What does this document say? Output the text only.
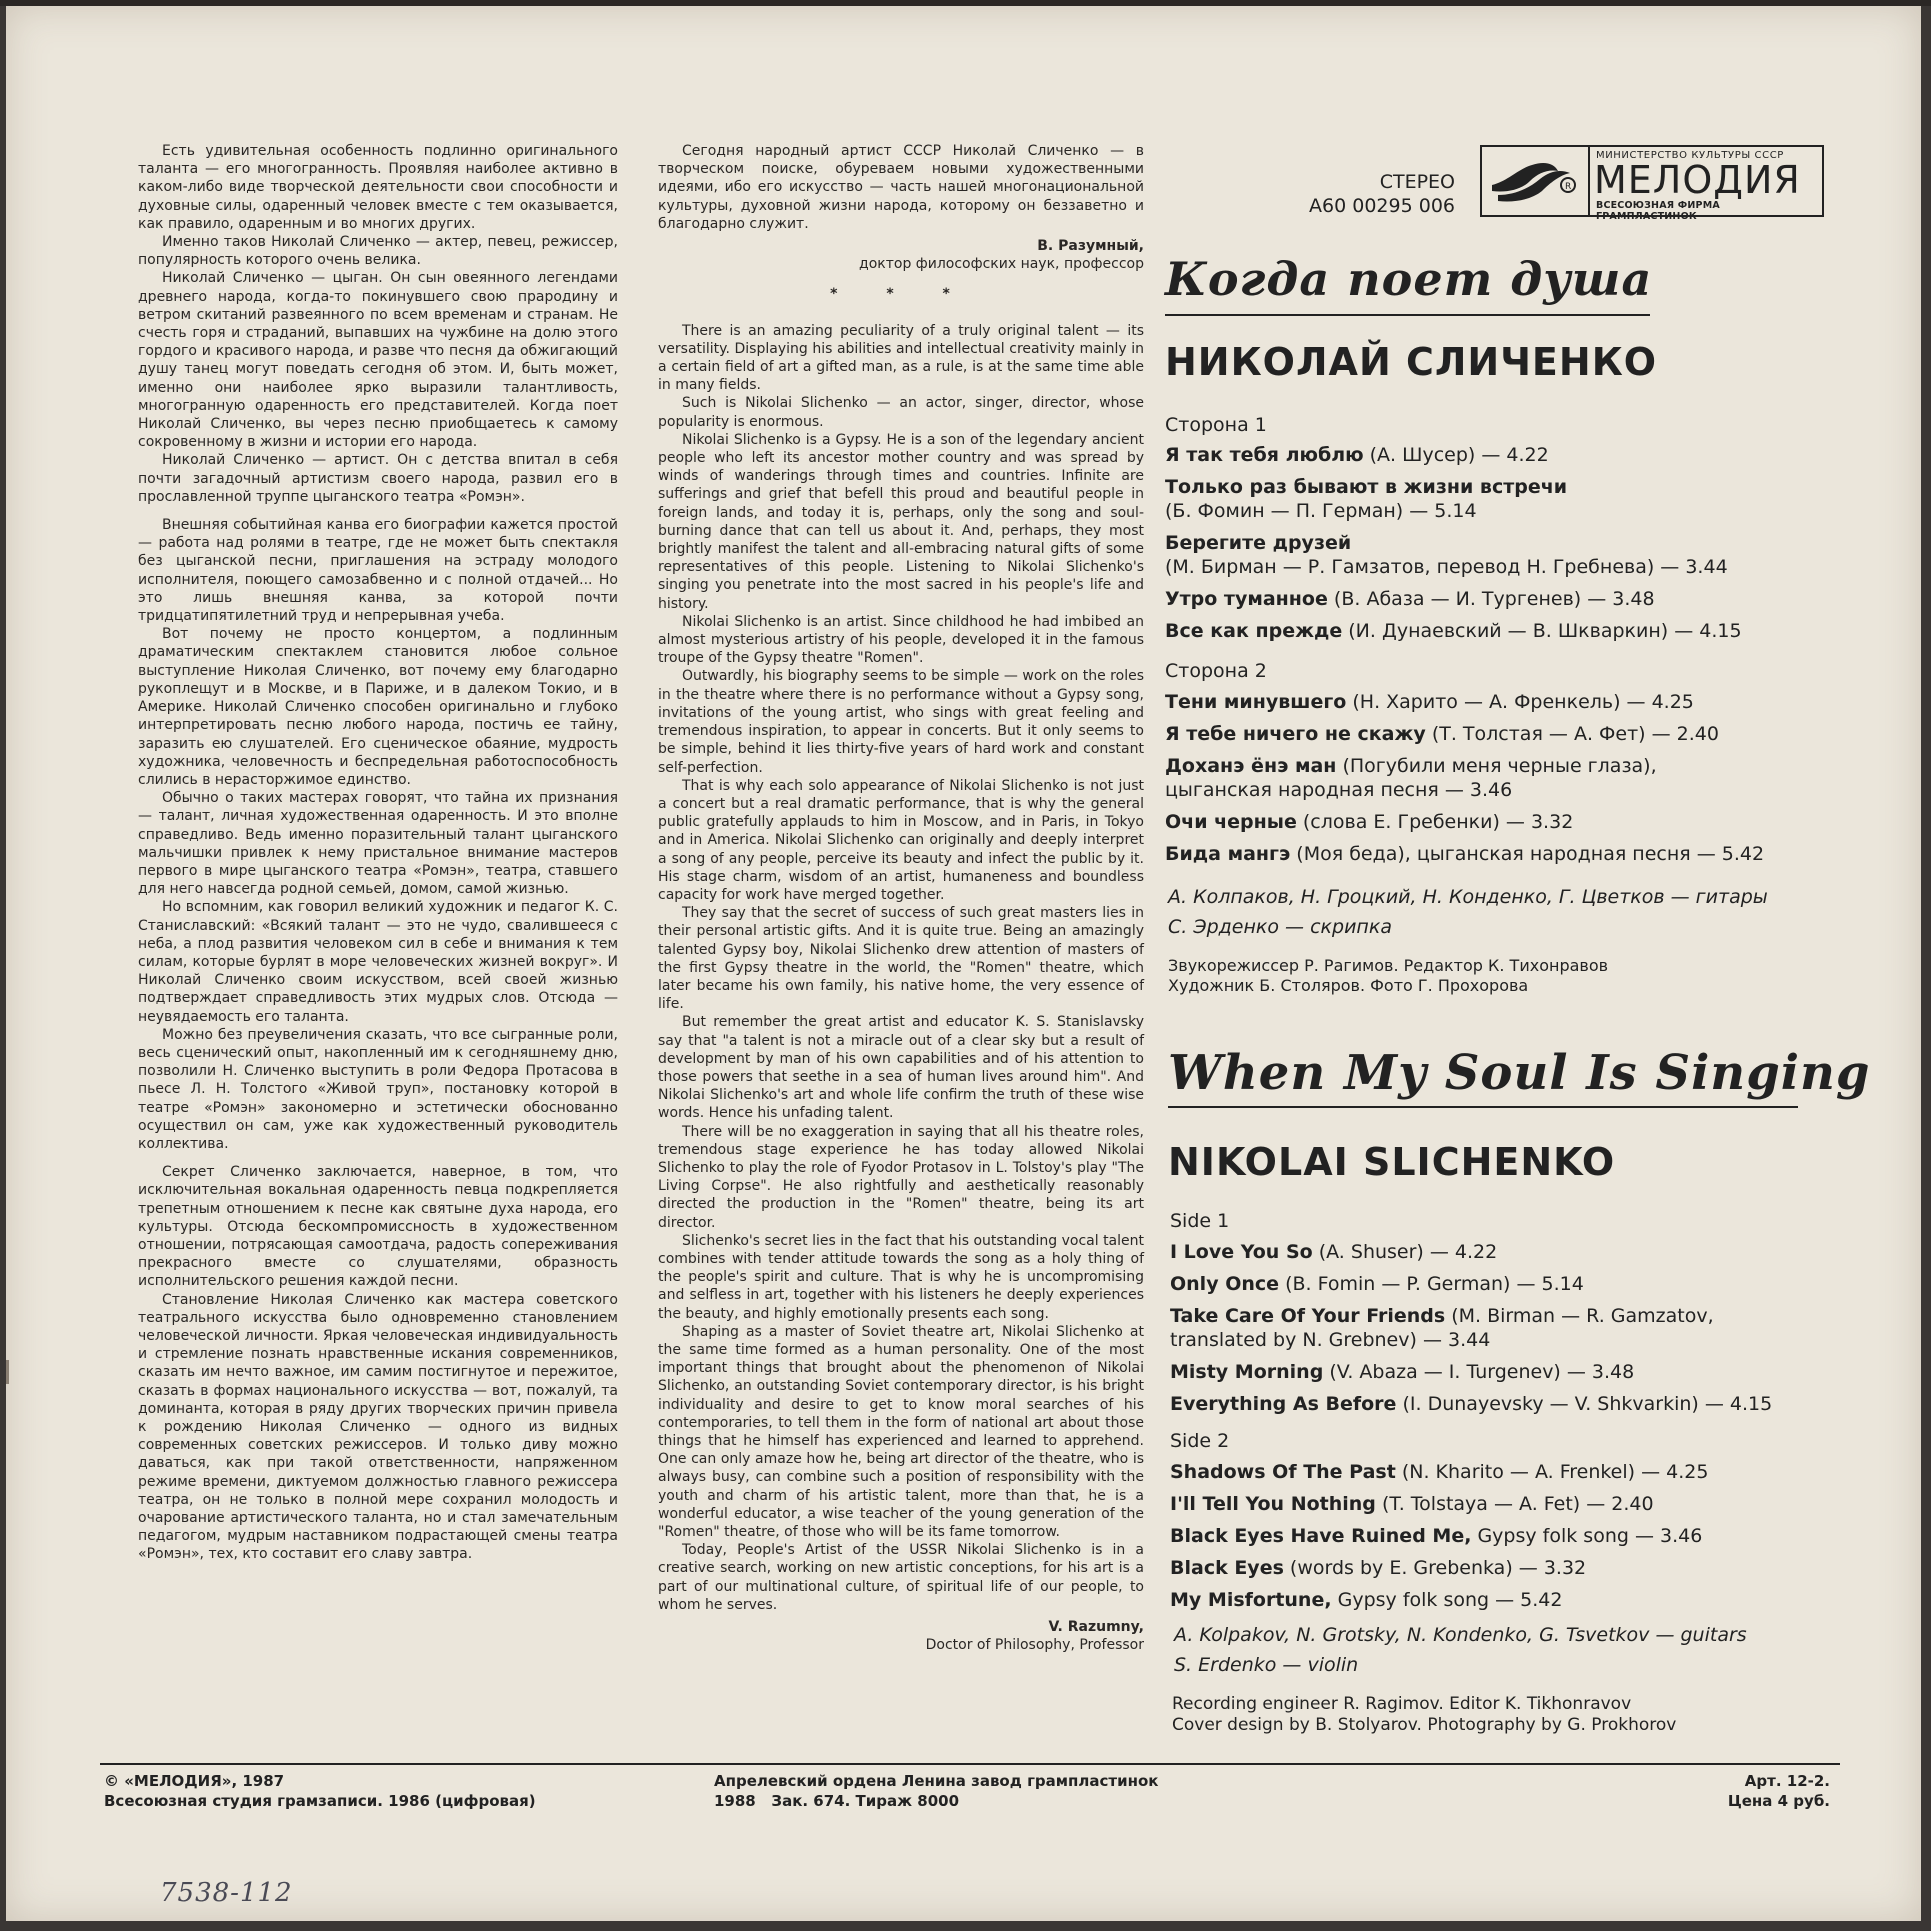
Есть удивительная особенность подлинно оригинального таланта — его многогранность. Проявляя наиболее активно в каком-либо виде творческой деятельности свои способности и духовные силы, одаренный человек вместе с тем оказывается, как правило, одаренным и во многих других.

Именно таков Николай Сличенко — актер, певец, режиссер, популярность которого очень велика.

Николай Сличенко — цыган. Он сын овеянного легендами древнего народа, когда-то покинувшего свою прародину и ветром скитаний развеянного по всем временам и странам. Не счесть горя и страданий, выпавших на чужбине на долю этого гордого и красивого народа, и разве что песня да обжигающий душу танец могут поведать сегодня об этом. И, быть может, именно они наиболее ярко выразили талантливость, многогранную одаренность его представителей. Когда поет Николай Сличенко, вы через песню приобщаетесь к самому сокровенному в жизни и истории его народа.

Николай Сличенко — артист. Он с детства впитал в себя почти загадочный артистизм своего народа, развил его в прославленной труппе цыганского театра «Ромэн».

Внешняя событийная канва его биографии кажется простой — работа над ролями в театре, где не может быть спектакля без цыганской песни, приглашения на эстраду молодого исполнителя, поющего самозабвенно и с полной отдачей... Но это лишь внешняя канва, за которой почти тридцатипятилетний труд и непрерывная учеба.

Вот почему не просто концертом, а подлинным драматическим спектаклем становится любое сольное выступление Николая Сличенко, вот почему ему благодарно рукоплещут и в Москве, и в Париже, и в далеком Токио, и в Америке. Николай Сличенко способен оригинально и глубоко интерпретировать песню любого народа, постичь ее тайну, заразить ею слушателей. Его сценическое обаяние, мудрость художника, человечность и беспредельная работоспособность слились в нерасторжимое единство.

Обычно о таких мастерах говорят, что тайна их признания — талант, личная художественная одаренность. И это вполне справедливо. Ведь именно поразительный талант цыганского мальчишки привлек к нему пристальное внимание мастеров первого в мире цыганского театра «Ромэн», театра, ставшего для него навсегда родной семьей, домом, самой жизнью.

Но вспомним, как говорил великий художник и педагог К. С. Станиславский: «Всякий талант — это не чудо, свалившееся с неба, а плод развития человеком сил в себе и внимания к тем силам, которые бурлят в море человеческих жизней вокруг». И Николай Сличенко своим искусством, всей своей жизнью подтверждает справедливость этих мудрых слов. Отсюда — неувядаемость его таланта.

Можно без преувеличения сказать, что все сыгранные роли, весь сценический опыт, накопленный им к сегодняшнему дню, позволили Н. Сличенко выступить в роли Федора Протасова в пьесе Л. Н. Толстого «Живой труп», постановку которой в театре «Ромэн» закономерно и эстетически обоснованно осуществил он сам, уже как художественный руководитель коллектива.

Секрет Сличенко заключается, наверное, в том, что исключительная вокальная одаренность певца подкрепляется трепетным отношением к песне как святыне духа народа, его культуры. Отсюда бескомпромиссность в художественном отношении, потрясающая самоотдача, радость сопереживания прекрасного вместе со слушателями, образность исполнительского решения каждой песни.

Становление Николая Сличенко как мастера советского театрального искусства было одновременно становлением человеческой личности. Яркая человеческая индивидуальность и стремление познать нравственные искания современников, сказать им нечто важное, им самим постигнутое и пережитое, сказать в формах национального искусства — вот, пожалуй, та доминанта, которая в ряду других творческих причин привела к рождению Николая Сличенко — одного из видных современных советских режиссеров. И только диву можно даваться, как при такой ответственности, напряженном режиме времени, диктуемом должностью главного режиссера театра, он не только в полной мере сохранил молодость и очарование артистического таланта, но и стал замечательным педагогом, мудрым наставником подрастающей смены театра «Ромэн», тех, кто составит его славу завтра.

Сегодня народный артист СССР Николай Сличенко — в творческом поиске, обуреваем новыми художественными идеями, ибо его искусство — часть нашей многонациональной культуры, духовной жизни народа, которому он беззаветно и благодарно служит.

В. Разумный,
доктор философских наук, профессор
* * *

There is an amazing peculiarity of a truly original talent — its versatility. Displaying his abilities and intellectual creativity mainly in a certain field of art a gifted man, as a rule, is at the same time able in many fields.

Such is Nikolai Slichenko — an actor, singer, director, whose popularity is enormous.

Nikolai Slichenko is a Gypsy. He is a son of the legendary ancient people who left its ancestor mother country and was spread by winds of wanderings through times and countries. Infinite are sufferings and grief that befell this proud and beautiful people in foreign lands, and today it is, perhaps, only the song and soul-burning dance that can tell us about it. And, perhaps, they most brightly manifest the talent and all-embracing natural gifts of some representatives of this people. Listening to Nikolai Slichenko's singing you penetrate into the most sacred in his people's life and history.

Nikolai Slichenko is an artist. Since childhood he had imbibed an almost mysterious artistry of his people, developed it in the famous troupe of the Gypsy theatre "Romen".

Outwardly, his biography seems to be simple — work on the roles in the theatre where there is no performance without a Gypsy song, invitations of the young artist, who sings with great feeling and tremendous inspiration, to appear in concerts. But it only seems to be simple, behind it lies thirty-five years of hard work and constant self-perfection.

That is why each solo appearance of Nikolai Slichenko is not just a concert but a real dramatic performance, that is why the general public gratefully applauds to him in Moscow, and in Paris, in Tokyo and in America. Nikolai Slichenko can originally and deeply interpret a song of any people, perceive its beauty and infect the public by it. His stage charm, wisdom of an artist, humaneness and boundless capacity for work have merged together.

They say that the secret of success of such great masters lies in their personal artistic gifts. And it is quite true. Being an amazingly talented Gypsy boy, Nikolai Slichenko drew attention of masters of the first Gypsy theatre in the world, the "Romen" theatre, which later became his own family, his native home, the very essence of life.

But remember the great artist and educator K. S. Stanislavsky say that "a talent is not a miracle out of a clear sky but a result of development by man of his own capabilities and of his attention to those powers that seethe in a sea of human lives around him". And Nikolai Slichenko's art and whole life confirm the truth of these wise words. Hence his unfading talent.

There will be no exaggeration in saying that all his theatre roles, tremendous stage experience he has today allowed Nikolai Slichenko to play the role of Fyodor Protasov in L. Tolstoy's play "The Living Corpse". He also rightfully and aesthetically reasonably directed the production in the "Romen" theatre, being its art director.

Slichenko's secret lies in the fact that his outstanding vocal talent combines with tender attitude towards the song as a holy thing of the people's spirit and culture. That is why he is uncompromising and selfless in art, together with his listeners he deeply experiences the beauty, and highly emotionally presents each song.

Shaping as a master of Soviet theatre art, Nikolai Slichenko at the same time formed as a human personality. One of the most important things that brought about the phenomenon of Nikolai Slichenko, an outstanding Soviet contemporary director, is his bright individuality and desire to get to know moral searches of his contemporaries, to tell them in the form of national art about those things that he himself has experienced and learned to apprehend. One can only amaze how he, being art director of the theatre, who is always busy, can combine such a position of responsibility with the youth and charm of his artistic talent, more than that, he is a wonderful educator, a wise teacher of the young generation of the "Romen" theatre, of those who will be its fame tomorrow.

Today, People's Artist of the USSR Nikolai Slichenko is in a creative search, working on new artistic conceptions, for his art is a part of our multinational culture, of spiritual life of our people, to whom he serves.

V. Razumny,
Doctor of Philosophy, Professor
СТЕРЕО
А60 00295 006
R
МИНИСТЕРСТВО КУЛЬТУРЫ СССР
МЕЛОДИЯ
ВСЕСОЮЗНАЯ ФИРМА ГРАМПЛАСТИНОК
Когда поет душа
НИКОЛАЙ СЛИЧЕНКО
Сторона 1
Я так тебя люблю (А. Шусер) — 4.22
Только раз бывают в жизни встречи
(Б. Фомин — П. Герман) — 5.14
Берегите друзей
(М. Бирман — Р. Гамзатов, перевод Н. Гребнева) — 3.44
Утро туманное (В. Абаза — И. Тургенев) — 3.48
Все как прежде (И. Дунаевский — В. Шкваркин) — 4.15
Сторона 2
Тени минувшего (Н. Харито — А. Френкель) — 4.25
Я тебе ничего не скажу (Т. Толстая — А. Фет) — 2.40
Доханэ ёнэ ман (Погубили меня черные глаза),
цыганская народная песня — 3.46
Очи черные (слова Е. Гребенки) — 3.32
Бида мангэ (Моя беда), цыганская народная песня — 5.42
А. Колпаков, Н. Гроцкий, Н. Конденко, Г. Цветков — гитары
С. Эрденко — скрипка
Звукорежиссер Р. Рагимов. Редактор К. Тихонравов
Художник Б. Столяров. Фото Г. Прохорова
When My Soul Is Singing
NIKOLAI SLICHENKO
Side 1
I Love You So (A. Shuser) — 4.22
Only Once (B. Fomin — P. German) — 5.14
Take Care Of Your Friends (M. Birman — R. Gamzatov,
translated by N. Grebnev) — 3.44
Misty Morning (V. Abaza — I. Turgenev) — 3.48
Everything As Before (I. Dunayevsky — V. Shkvarkin) — 4.15
Side 2
Shadows Of The Past (N. Kharito — A. Frenkel) — 4.25
I'll Tell You Nothing (T. Tolstaya — A. Fet) — 2.40
Black Eyes Have Ruined Me, Gypsy folk song — 3.46
Black Eyes (words by E. Grebenka) — 3.32
My Misfortune, Gypsy folk song — 5.42
A. Kolpakov, N. Grotsky, N. Kondenko, G. Tsvetkov — guitars
S. Erdenko — violin
Recording engineer R. Ragimov. Editor K. Tikhonravov
Cover design by B. Stolyarov. Photography by G. Prokhorov
© «МЕЛОДИЯ», 1987
Всесоюзная студия грамзаписи. 1986 (цифровая)
Апрелевский ордена Ленина завод грампластинок
1988   Зак. 674. Тираж 8000
Арт. 12-2.
Цена 4 руб.
7538-112
